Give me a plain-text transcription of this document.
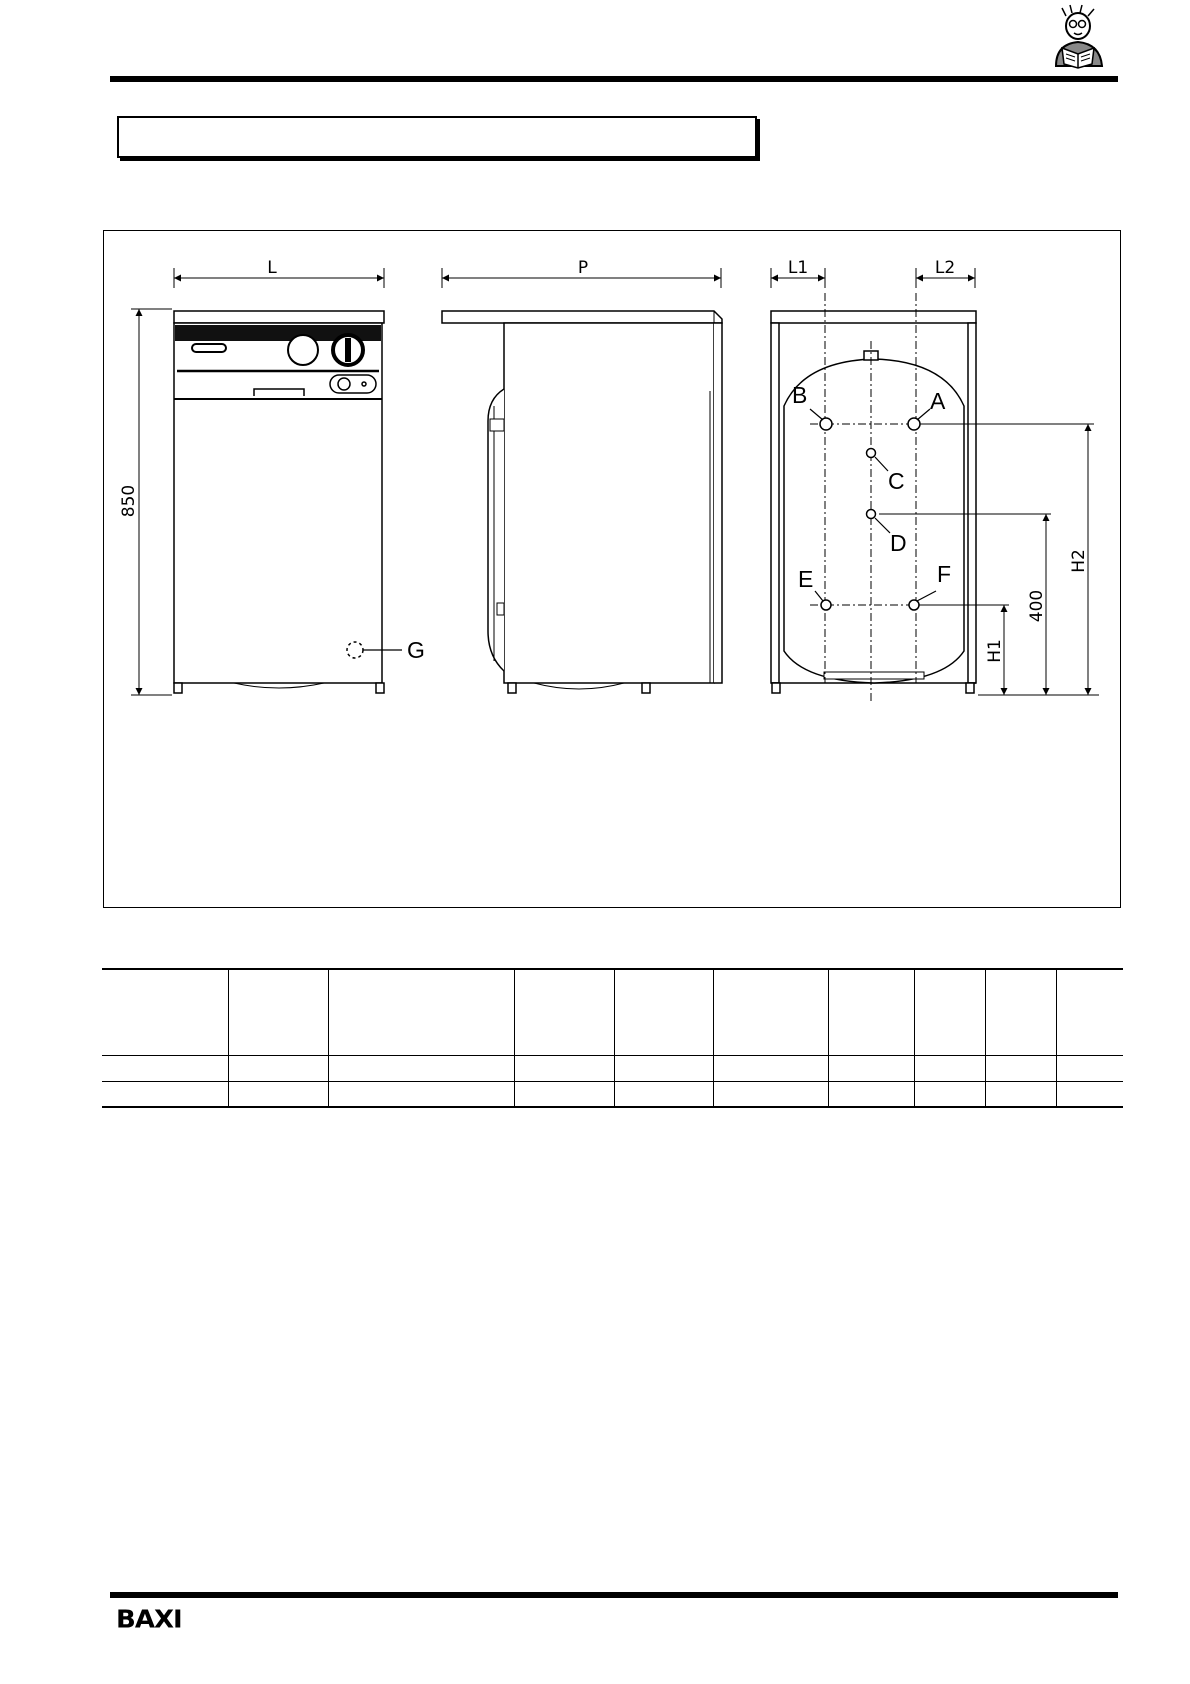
L
850
G
P	L1	L2
A
B
C
D
E	F
H1
400
H2

BAXI
